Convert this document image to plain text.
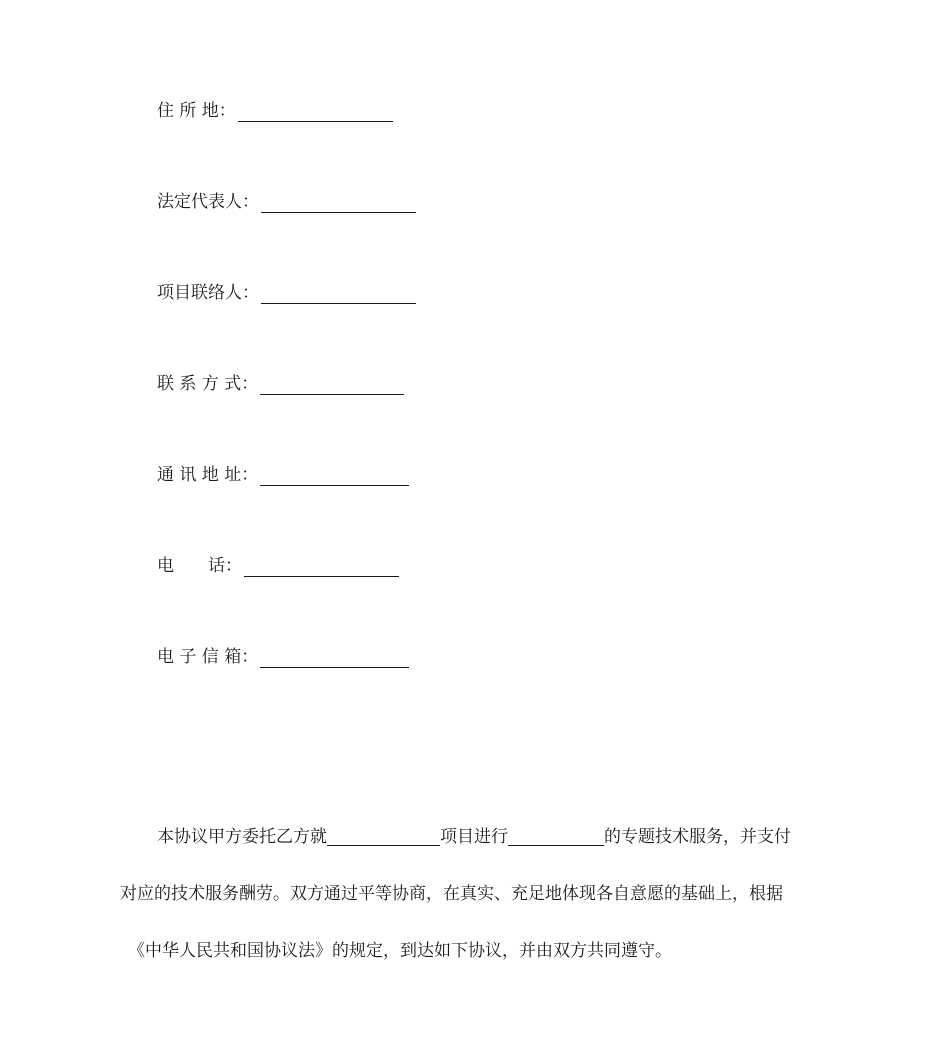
住 所 地：
法定代表人：
项目联络人：
联 系 方 式：
通 讯 地 址：
电　　话：
电 子 信 箱：
本协议甲方委托乙方就	项目进行	的专题技术服务，并支付
对应的技术服务酬劳。双方通过平等协商，在真实、充足地体现各自意愿的基础上，根据
《中华人民共和国协议法》的规定，到达如下协议，并由双方共同遵守。
